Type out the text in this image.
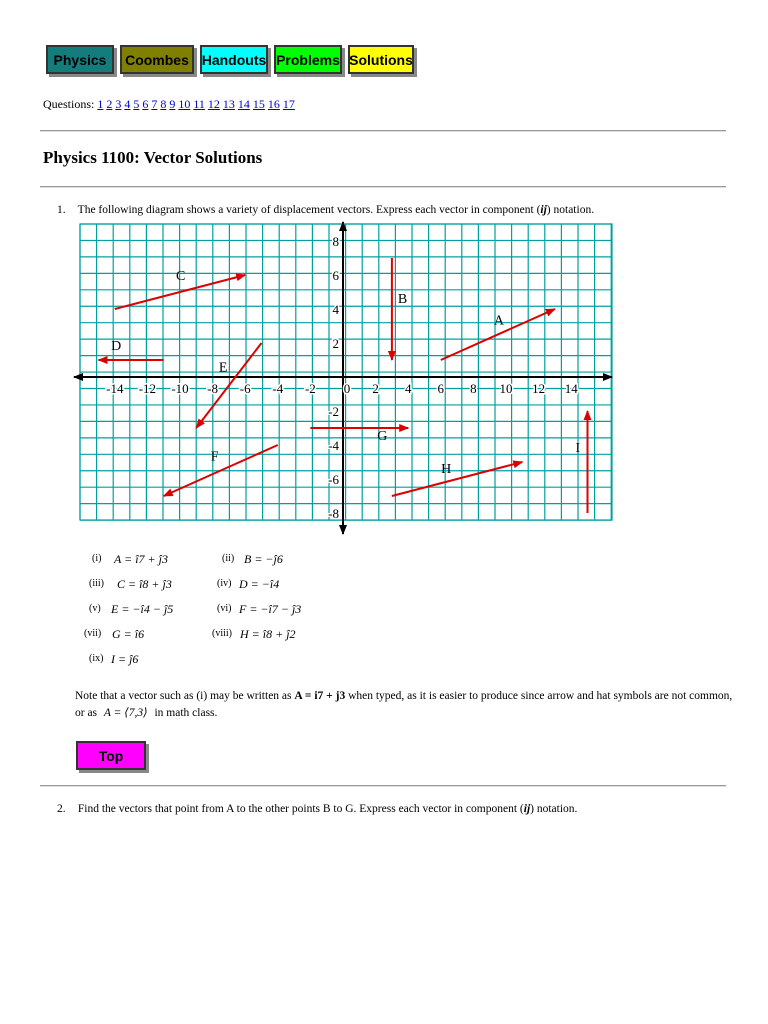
Physics	Coombes Handouts Problems Solutions
Questions: 1 2 3 4 5 6 7 8 9 10 11 12 13 14 15 16 17
Physics 1100: Vector Solutions
1. The following diagram shows a variety of displacement vectors. Express each vector in component (ij) notation.
-14 -12 -10 -8 -6 -4 -2 0 2 4 6 8 10 12 14
8
6
4
2
-2
-4
-6
-8
A
B
C
D
E
F
G
H
I
(i) A = î7 + ĵ3	(ii) B = −ĵ6
(iii) C = î8 + ĵ3	(iv) D = −î4
(v) E = −î4 − ĵ5	(vi) F = −î7 − ĵ3
(vii) G = î6	(viii) H = î8 + ĵ2
(ix) I = ĵ6
Note that a vector such as (i) may be written as A = i7 + j3 when typed, as it is easier to produce since arrow and hat symbols are not common, or as A = ⟨7,3⟩ in math class.
Top
2. Find the vectors that point from A to the other points B to G. Express each vector in component (ij) notation.
